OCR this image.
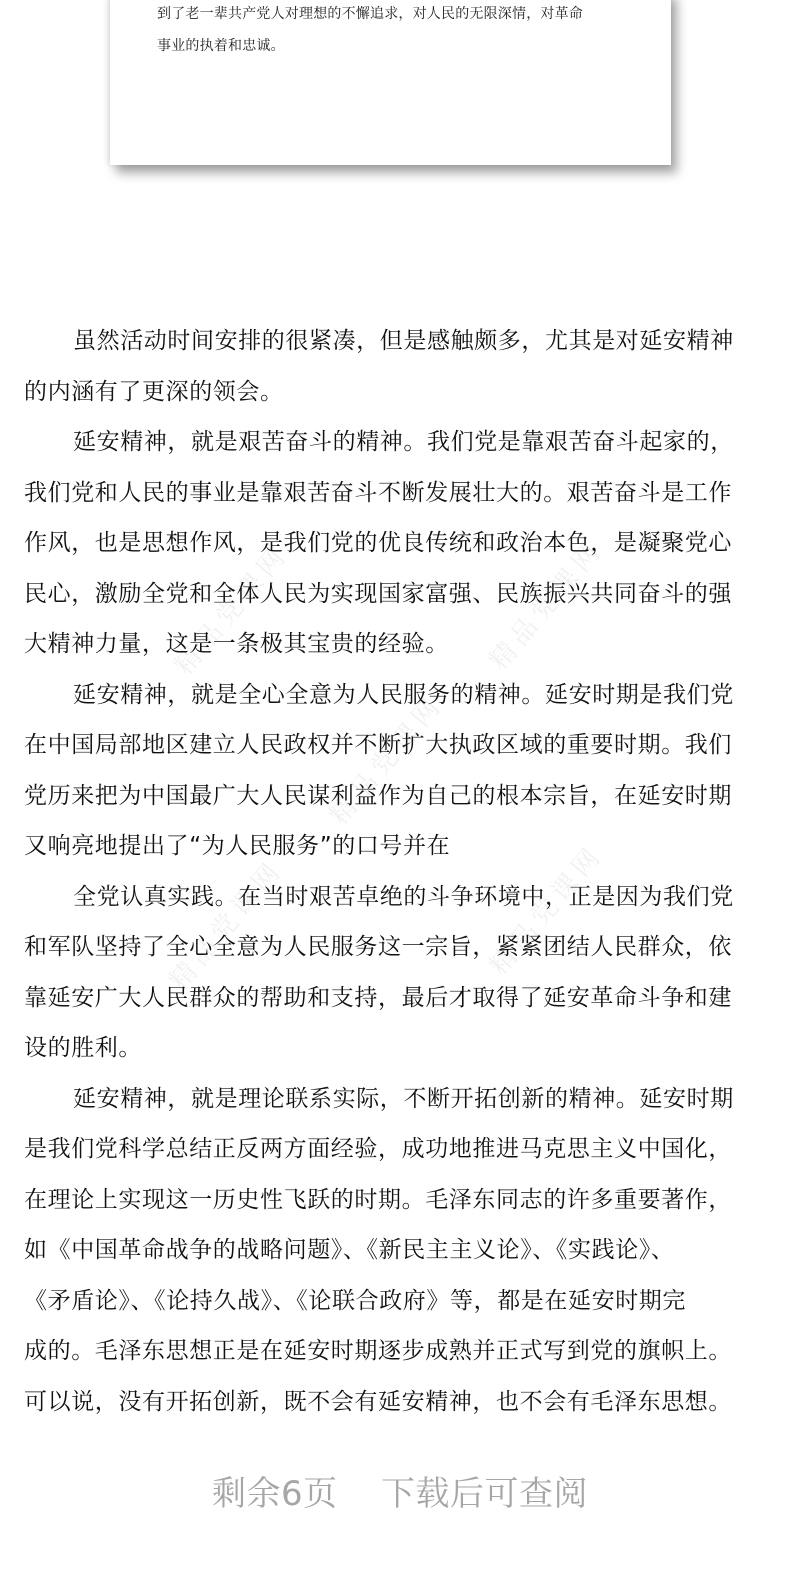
到了老一辈共产党人对理想的不懈追求，对人民的无限深情，对革命
事业的执着和忠诚。
精品党课网	精品党课网
精品党课网
精品党课网	精品党课网

虽然活动时间安排的很紧凑，但是感触颇多，尤其是对延安精神
的内涵有了更深的领会。

延安精神，就是艰苦奋斗的精神。我们党是靠艰苦奋斗起家的，
我们党和人民的事业是靠艰苦奋斗不断发展壮大的。艰苦奋斗是工作
作风，也是思想作风，是我们党的优良传统和政治本色，是凝聚党心
民心，激励全党和全体人民为实现国家富强、民族振兴共同奋斗的强
大精神力量，这是一条极其宝贵的经验。

延安精神，就是全心全意为人民服务的精神。延安时期是我们党
在中国局部地区建立人民政权并不断扩大执政区域的重要时期。我们
党历来把为中国最广大人民谋利益作为自己的根本宗旨，在延安时期
又响亮地提出了“为人民服务”的口号并在

全党认真实践。在当时艰苦卓绝的斗争环境中，正是因为我们党
和军队坚持了全心全意为人民服务这一宗旨，紧紧团结人民群众，依
靠延安广大人民群众的帮助和支持，最后才取得了延安革命斗争和建
设的胜利。

延安精神，就是理论联系实际，不断开拓创新的精神。延安时期
是我们党科学总结正反两方面经验，成功地推进马克思主义中国化，
在理论上实现这一历史性飞跃的时期。毛泽东同志的许多重要著作，
如《中国革命战争的战略问题》、《新民主主义论》、《实践论》、
《矛盾论》、《论持久战》、《论联合政府》等，都是在延安时期完
成的。毛泽东思想正是在延安时期逐步成熟并正式写到党的旗帜上。
可以说，没有开拓创新，既不会有延安精神，也不会有毛泽东思想。

剩余6页 下载后可查阅
